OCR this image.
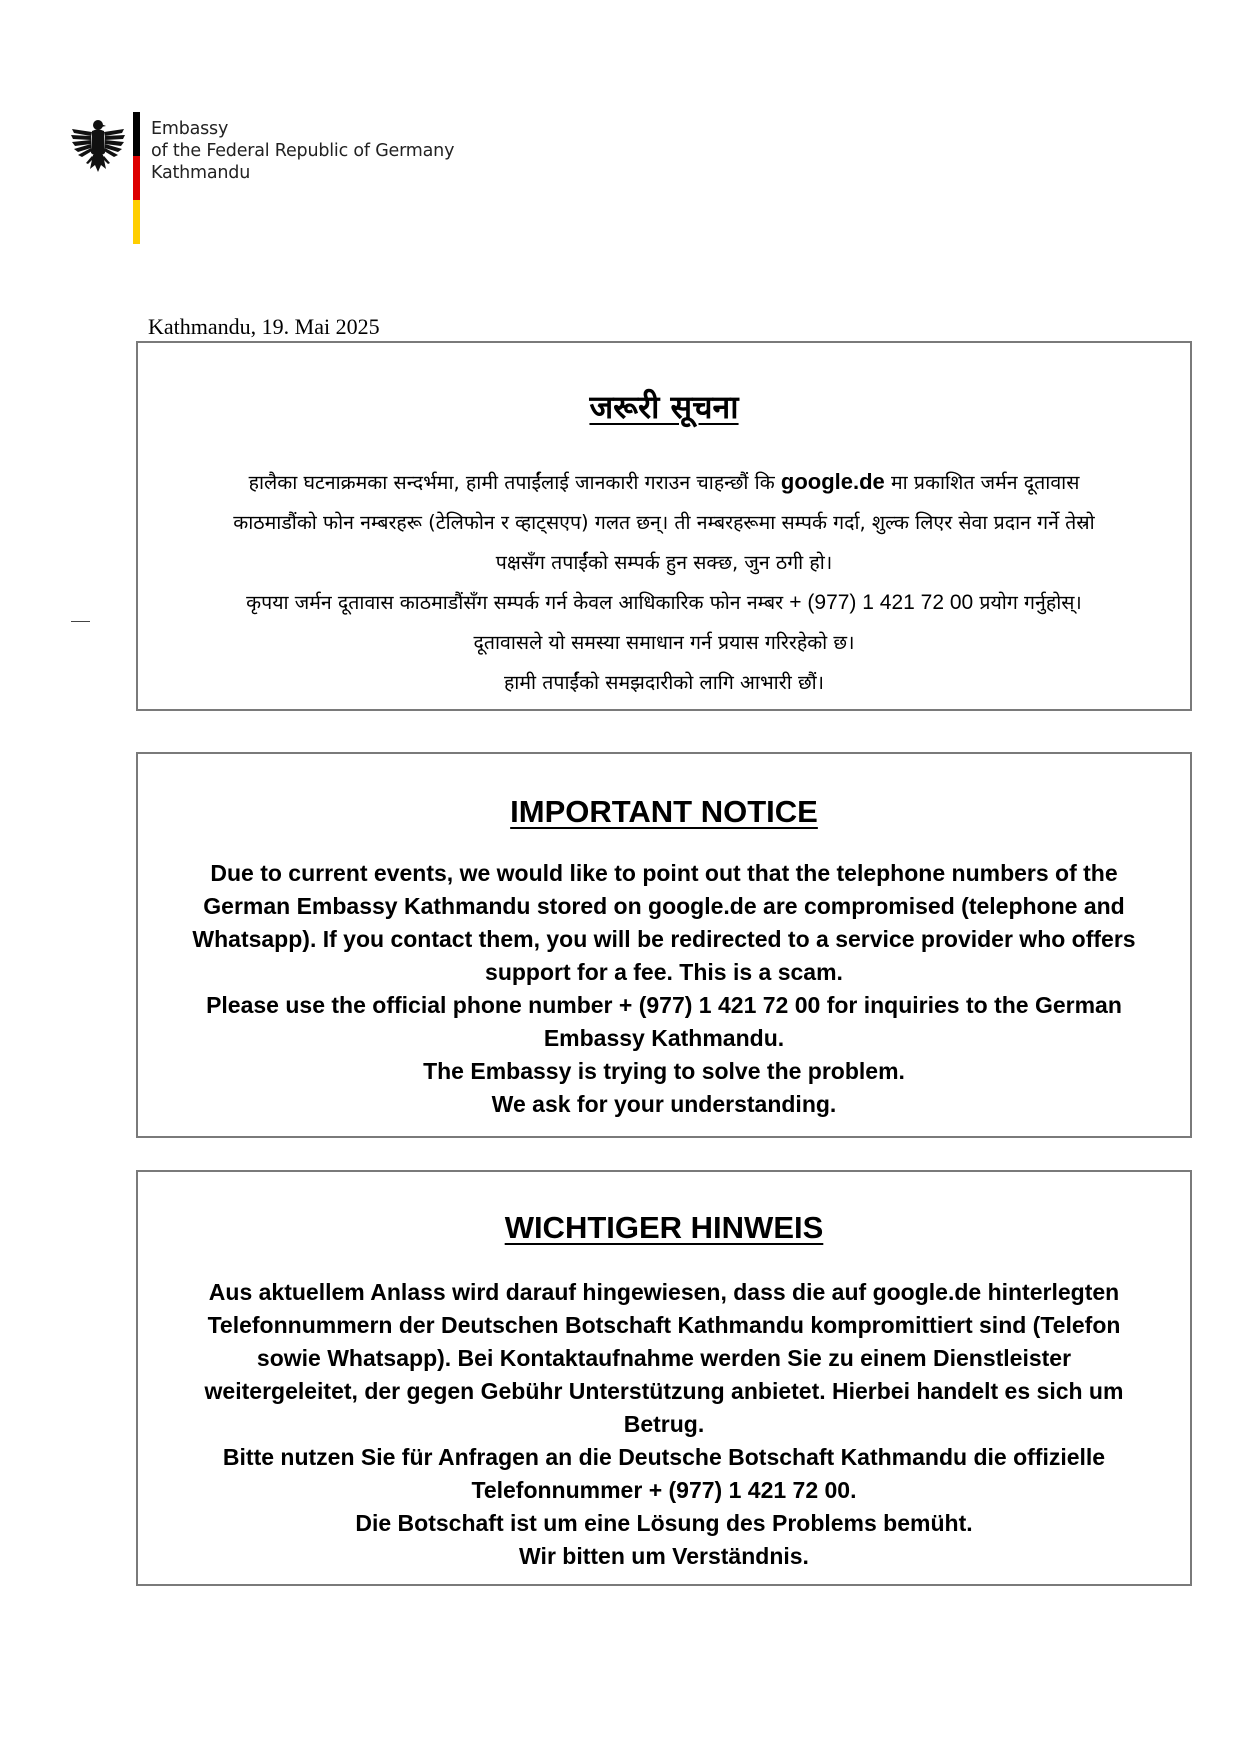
Embassy
of the Federal Republic of Germany
Kathmandu
Kathmandu, 19. Mai 2025
जरूरी सूचना
हालैका घटनाक्रमका सन्दर्भमा, हामी तपाईंलाई जानकारी गराउन चाहन्छौं कि google.de मा प्रकाशित जर्मन दूतावास
काठमाडौंको फोन नम्बरहरू (टेलिफोन र व्हाट्सएप) गलत छन्। ती नम्बरहरूमा सम्पर्क गर्दा, शुल्क लिएर सेवा प्रदान गर्ने तेस्रो
पक्षसँग तपाईंको सम्पर्क हुन सक्छ, जुन ठगी हो।
कृपया जर्मन दूतावास काठमाडौंसँग सम्पर्क गर्न केवल आधिकारिक फोन नम्बर + (977) 1 421 72 00 प्रयोग गर्नुहोस्।
दूतावासले यो समस्या समाधान गर्न प्रयास गरिरहेको छ।
हामी तपाईंको समझदारीको लागि आभारी छौं।
IMPORTANT NOTICE
Due to current events, we would like to point out that the telephone numbers of the
German Embassy Kathmandu stored on google.de are compromised (telephone and
Whatsapp). If you contact them, you will be redirected to a service provider who offers
support for a fee. This is a scam.
Please use the official phone number + (977) 1 421 72 00 for inquiries to the German
Embassy Kathmandu.
The Embassy is trying to solve the problem.
We ask for your understanding.
WICHTIGER HINWEIS
Aus aktuellem Anlass wird darauf hingewiesen, dass die auf google.de hinterlegten
Telefonnummern der Deutschen Botschaft Kathmandu kompromittiert sind (Telefon
sowie Whatsapp). Bei Kontaktaufnahme werden Sie zu einem Dienstleister
weitergeleitet, der gegen Gebühr Unterstützung anbietet. Hierbei handelt es sich um
Betrug.
Bitte nutzen Sie für Anfragen an die Deutsche Botschaft Kathmandu die offizielle
Telefonnummer + (977) 1 421 72 00.
Die Botschaft ist um eine Lösung des Problems bemüht.
Wir bitten um Verständnis.
